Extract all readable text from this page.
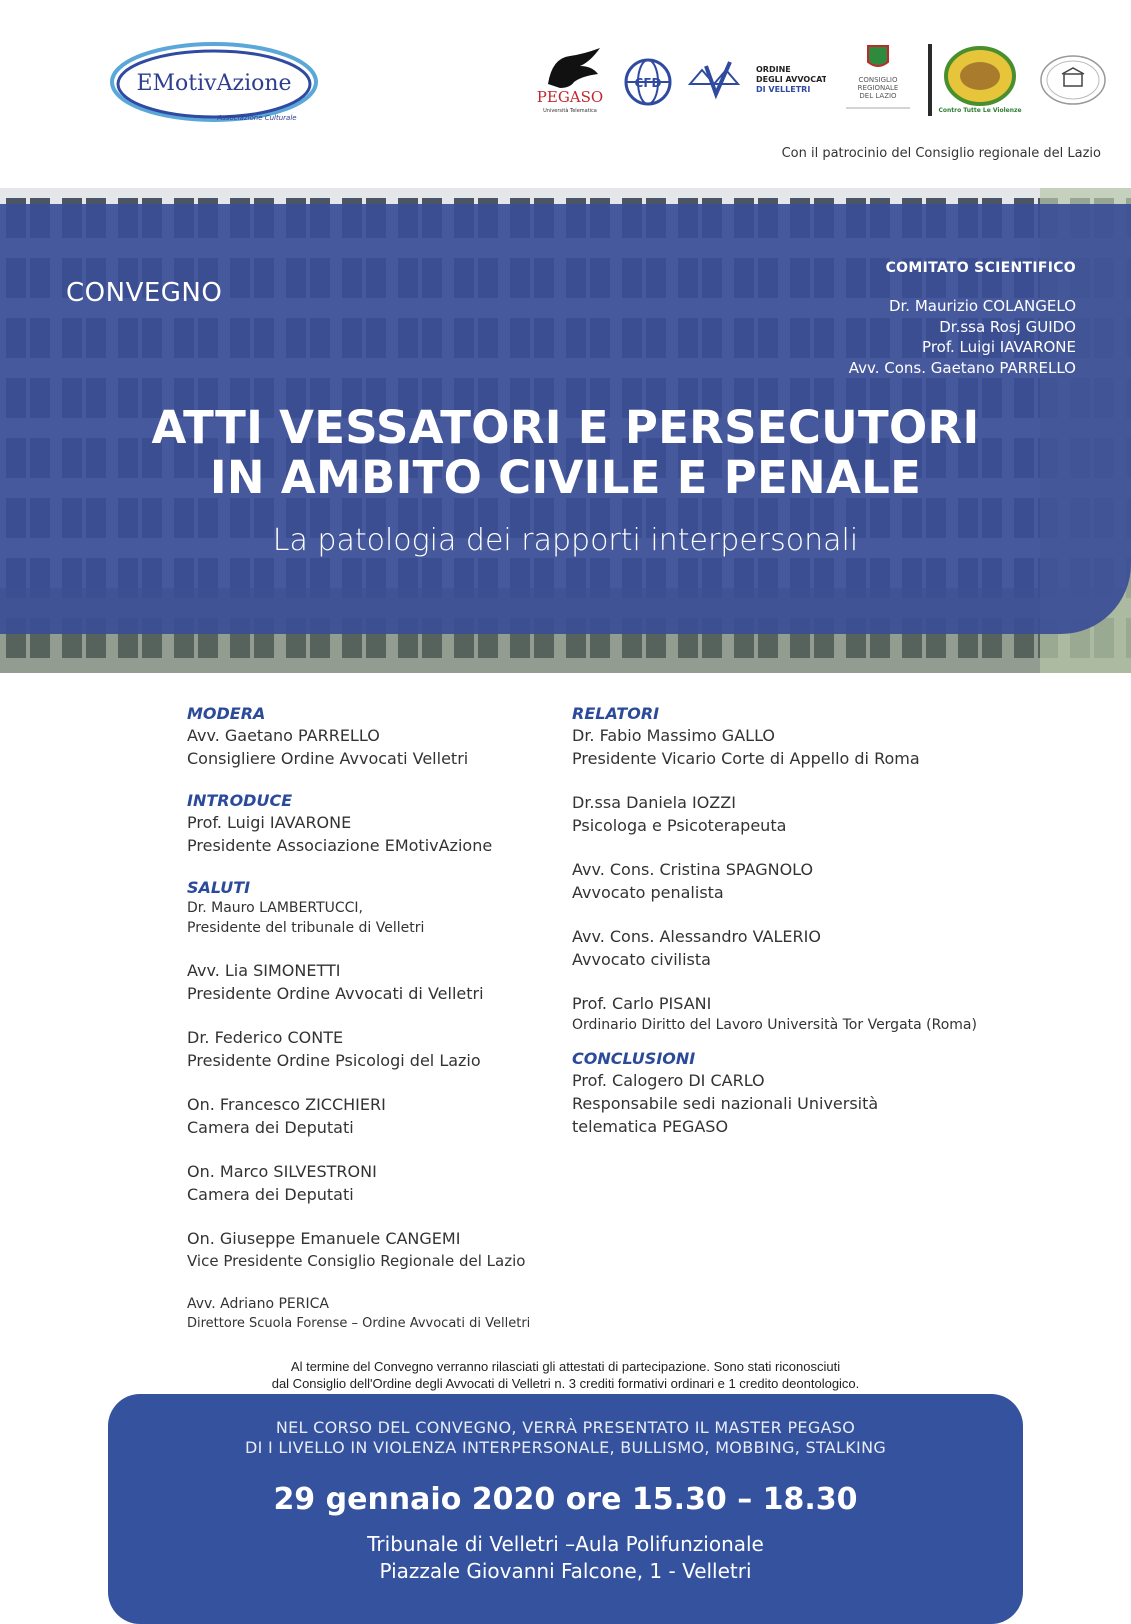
EMotivAzione
Associazione Culturale
PEGASO
Università Telematica
CFD
ORDINE
DEGLI AVVOCATI
DI VELLETRI
CONSIGLIO
REGIONALE
DEL LAZIO
Contro Tutte Le Violenze
Con il patrocinio del Consiglio regionale del Lazio
CONVEGNO
COMITATO SCIENTIFICO
Dr. Maurizio COLANGELO
Dr.ssa Rosj GUIDO
Prof. Luigi IAVARONE
Avv. Cons. Gaetano PARRELLO
ATTI VESSATORI E PERSECUTORI
IN AMBITO CIVILE E PENALE
La patologia dei rapporti interpersonali
MODERA
Avv. Gaetano PARRELLO
Consigliere Ordine Avvocati Velletri
INTRODUCE
Prof. Luigi IAVARONE
Presidente Associazione EMotivAzione
SALUTI
Dr. Mauro LAMBERTUCCI,
Presidente del tribunale di Velletri
Avv. Lia SIMONETTI
Presidente Ordine Avvocati di Velletri
Dr. Federico CONTE
Presidente Ordine Psicologi del Lazio
On. Francesco ZICCHIERI
Camera dei Deputati
On. Marco SILVESTRONI
Camera dei Deputati
On. Giuseppe Emanuele CANGEMI
Vice Presidente Consiglio Regionale del Lazio
Avv. Adriano PERICA
Direttore Scuola Forense – Ordine Avvocati di Velletri
RELATORI
Dr. Fabio Massimo GALLO
Presidente Vicario Corte di Appello di Roma
Dr.ssa Daniela IOZZI
Psicologa e Psicoterapeuta
Avv. Cons. Cristina SPAGNOLO
Avvocato penalista
Avv. Cons. Alessandro VALERIO
Avvocato civilista
Prof. Carlo PISANI
Ordinario Diritto del Lavoro Università Tor Vergata (Roma)
CONCLUSIONI
Prof. Calogero DI CARLO
Responsabile sedi nazionali Università telematica PEGASO
Al termine del Convegno verranno rilasciati gli attestati di partecipazione. Sono stati riconosciuti
dal Consiglio dell'Ordine degli Avvocati di Velletri n. 3 crediti formativi ordinari e 1 credito deontologico.
NEL CORSO DEL CONVEGNO, VERRÀ PRESENTATO IL MASTER PEGASO
DI I LIVELLO IN VIOLENZA INTERPERSONALE, BULLISMO, MOBBING, STALKING
29 gennaio 2020 ore 15.30 – 18.30
Tribunale di Velletri –Aula Polifunzionale
Piazzale Giovanni Falcone, 1 - Velletri
